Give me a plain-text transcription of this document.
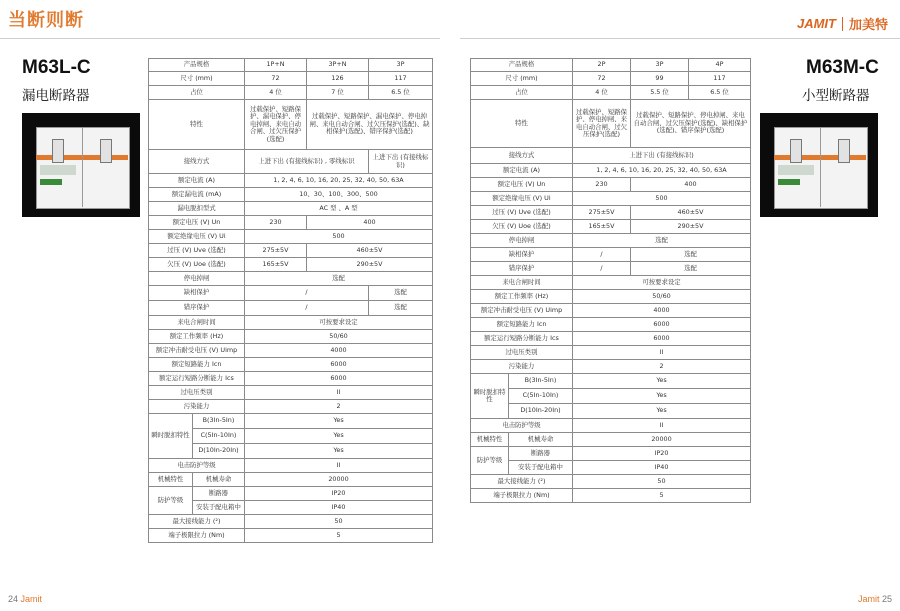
当断则断	JAMIT 加美特
M63L-C
漏电断路器
M63M-C
小型断路器
产品规格		1P+N	3P+N	3P
尺寸 (mm)		72	126	117
占位		4 位	7 位	6.5 位
特性		过载保护、短路保护、漏电保护、停电掉闸、来电自动合闸、过欠压保护(选配)	过载保护、短路保护、漏电保护、停电掉闸、来电自动合闸、过欠压保护(选配)、缺相保护(选配)、错序保护(选配)	
接线方式		上进下出 (有接线标识) , 零线标识		上进下出 (有接线标识)
额定电流 (A)		1, 2, 4, 6, 10, 16, 20, 25, 32, 40, 50, 63A		
额定漏电流 (mA)		10、30、100、300、500		
漏电脱扣型式		AC 型 、A 型		
额定电压 (V) Un		230	400	
额定绝缘电压 (V) Ui		500		
过压 (V) Uve (选配)		275±5V	460±5V	
欠压 (V) Uoe (选配)		165±5V	290±5V	
停电掉闸		选配		
缺相保护		/		选配
错序保护		/		选配
来电合闸时间		可按要求设定		
额定工作频率 (Hz)		50/60		
额定冲击耐受电压 (V) Uimp		4000		
额定短路能力 Icn		6000		
额定运行短路分断能力 Ics		6000		
过电压类别		II		
污染能力		2		
瞬时脱扣特性	B(3In-5In)	Yes		
	C(5In-10In)	Yes		
	D(10In-20In)	Yes		
电击防护等级		II		
机械特性	机械寿命	20000		
防护等级	断路器	IP20		
	安装于配电箱中	IP40		
最大接线能力 (²)		50		
端子极限拉力 (Nm)		5		
产品规格		2P	3P	4P
尺寸 (mm)		72	99	117
占位		4 位	5.5 位	6.5 位
特性		过载保护、短路保护、停电掉闸、来电自动合闸、过欠压保护(选配)	过载保护、短路保护、停电掉闸、来电自动合闸、过欠压保护(选配)、缺相保护(选配)、错序保护(选配)	
接线方式		上进下出 (有接线标识)		
额定电流 (A)		1, 2, 4, 6, 10, 16, 20, 25, 32, 40, 50, 63A		
额定电压 (V) Un		230	400	
额定绝缘电压 (V) Ui		500		
过压 (V) Uve (选配)		275±5V	460±5V	
欠压 (V) Uoe (选配)		165±5V	290±5V	
停电掉闸		选配		
缺相保护		/	选配	
错序保护		/	选配	
来电合闸时间		可按要求设定		
额定工作频率 (Hz)		50/60		
额定冲击耐受电压 (V) Uimp		4000		
额定短路能力 Icn		6000		
额定运行短路分断能力 Ics		6000		
过电压类别		II		
污染能力		2		
瞬时脱扣特性	B(3In-5In)	Yes		
	C(5In-10In)	Yes		
	D(10In-20In)	Yes		
电击防护等级		II		
机械特性	机械寿命	20000		
防护等级	断路器	IP20		
	安装于配电箱中	IP40		
最大接线能力 (²)		50		
端子极限拉力 (Nm)		5		
24 Jamit	Jamit 25
